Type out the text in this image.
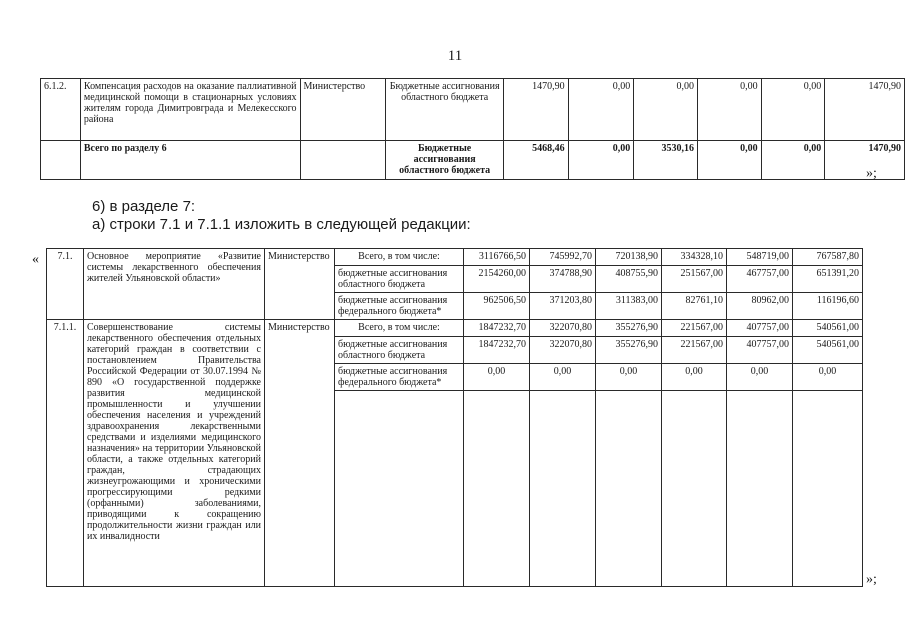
11
6.1.2.	Компенсация расходов на оказание паллиативной медицинской помощи в стационарных условиях жителям города Димитровграда и Мелекесского района	Министерство	Бюджетные ассигнования областного бюджета	1470,90	0,00	0,00	0,00	0,00	1470,90
	Всего по разделу 6		Бюджетные ассигнования областного бюджета	5468,46	0,00	3530,16	0,00	0,00	1470,90
»;
6) в разделе 7:
а) строки 7.1 и 7.1.1 изложить в следующей редакции:
« 7.1.	Основное мероприятие «Развитие системы лекарственного обеспечения жителей Ульяновской области»	Министерство	Всего, в том числе:	3116766,50	745992,70	720138,90	334328,10	548719,00	767587,80
			бюджетные ассигнования областного бюджета	2154260,00	374788,90	408755,90	251567,00	467757,00	651391,20
			бюджетные ассигнования федерального бюджета*	962506,50	371203,80	311383,00	82761,10	80962,00	116196,60
7.1.1.	Совершенствование системы лекарственного обеспечения отдельных категорий граждан в соответствии с постановлением Правительства Российской Федерации от 30.07.1994 № 890 «О государственной поддержке развития медицинской промышленности и улучшении обеспечения населения и учреждений здравоохранения лекарственными средствами и изделиями медицинского назначения» на территории Ульяновской области, а также отдельных категорий граждан, страдающих жизнеугрожающими и хроническими прогрессирующими редкими (орфанными) заболеваниями, приводящими к сокращению продолжительности жизни граждан или их инвалидности	Министерство	Всего, в том числе:	1847232,70	322070,80	355276,90	221567,00	407757,00	540561,00
			бюджетные ассигнования областного бюджета	1847232,70	322070,80	355276,90	221567,00	407757,00	540561,00
			бюджетные ассигнования федерального бюджета*	0,00	0,00	0,00	0,00	0,00	0,00

»;
